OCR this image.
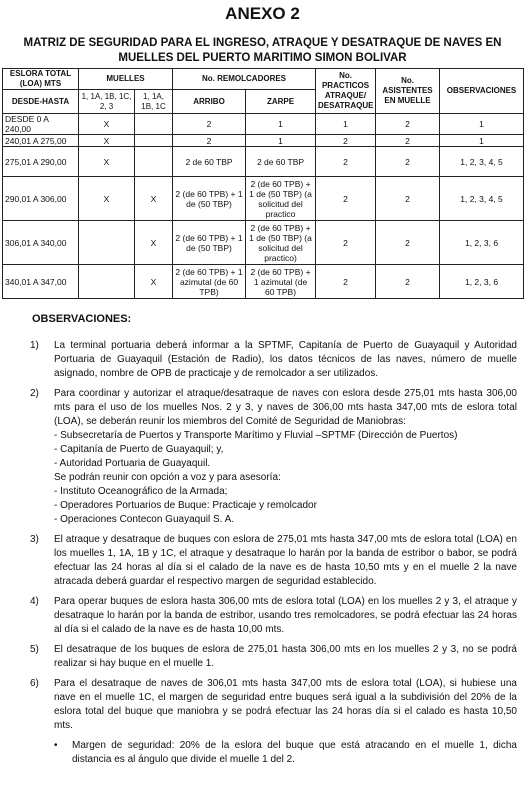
ANEXO 2
MATRIZ DE SEGURIDAD PARA EL INGRESO, ATRAQUE Y DESATRAQUE DE NAVES EN MUELLES DEL PUERTO MARITIMO SIMON BOLIVAR
ESLORA TOTAL (LOA) MTS	MUELLES		No. REMOLCADORES		No. PRACTICOS ATRAQUE/ DESATRAQUE	No. ASISTENTES EN MUELLE	OBSERVACIONES
DESDE-HASTA	1, 1A, 1B, 1C, 2, 3	1, 1A, 1B, 1C	ARRIBO	ZARPE			
DESDE 0 A 240,00	X		2	1	1	2	1
240,01 A 275,00	X		2	1	2	2	1
275,01 A 290,00	X		2 de 60 TBP	2 de 60 TBP	2	2	1, 2, 3, 4, 5
290,01 A 306,00	X	X	2 (de 60 TPB) + 1 de (50 TBP)	2 (de 60 TPB) + 1 de (50 TBP) (a solicitud del practico	2	2	1, 2, 3, 4, 5
306,01 A 340,00		X	2 (de 60 TPB) + 1 de (50 TBP)	2 (de 60 TPB) + 1 de (50 TBP) (a solicitud del practico)	2	2	1, 2, 3, 6
340,01 A 347,00		X	2 (de 60 TPB) + 1 azimutal (de 60 TPB)	2 (de 60 TPB) + 1 azimutal (de 60 TPB)	2	2	1, 2, 3, 6
OBSERVACIONES:
1)	La terminal portuaria deberá informar a la SPTMF, Capitanía de Puerto de Guayaquil y Autoridad Portuaria de Guayaquil (Estación de Radio), los datos técnicos de las naves, número de muelle asignado, nombre de OPB de practicaje y de remolcador a ser utilizados.
2)	Para coordinar y autorizar el atraque/desatraque de naves con eslora desde 275,01 mts hasta 306,00 mts para el uso de los muelles Nos. 2 y 3, y naves de 306,00 mts hasta 347,00 mts de eslora total (LOA), se deberán reunir los miembros del Comité de Seguridad de Maniobras:
- Subsecretaría de Puertos y Transporte Marítimo y Fluvial –SPTMF (Dirección de Puertos)
- Capitanía de Puerto de Guayaquil; y,
- Autoridad Portuaria de Guayaquil.
Se podrán reunir con opción a voz y para asesoría:
- Instituto Oceanográfico de la Armada;
- Operadores Portuarios de Buque: Practicaje y remolcador
- Operaciones Contecon Guayaquil S. A.
3)	El atraque y desatraque de buques con eslora de 275,01 mts hasta 347,00 mts de eslora total (LOA) en los muelles 1, 1A, 1B y 1C, el atraque y desatraque lo harán por la banda de estribor o babor, se podrá efectuar las 24 horas al día si el calado de la nave es de hasta 10,50 mts y en el muelle 2 la nave atracada deberá guardar el respectivo margen de seguridad establecido.
4)	Para operar buques de eslora hasta 306,00 mts de eslora total (LOA) en los muelles 2 y 3, el atraque y desatraque lo harán por la banda de estribor, usando tres remolcadores, se podrá efectuar las 24 horas al día si el calado de la nave es de hasta 10,00 mts.
5)	El desatraque de los buques de eslora de 275,01 hasta 306,00 mts en los muelles 2 y 3, no se podrá realizar si hay buque en el muelle 1.
6)	Para el desatraque de naves de 306,01 mts hasta 347,00 mts de eslora total (LOA), si hubiese una nave en el muelle 1C, el margen de seguridad entre buques será igual a la subdivisión del 20% de la eslora total del buque que maniobra y se podrá efectuar las 24 horas día si el calado es hasta 10,50 mts.
•	Margen de seguridad: 20% de la eslora del buque que está atracando en el muelle 1, dicha distancia es al ángulo que divide el muelle 1 del 2.
